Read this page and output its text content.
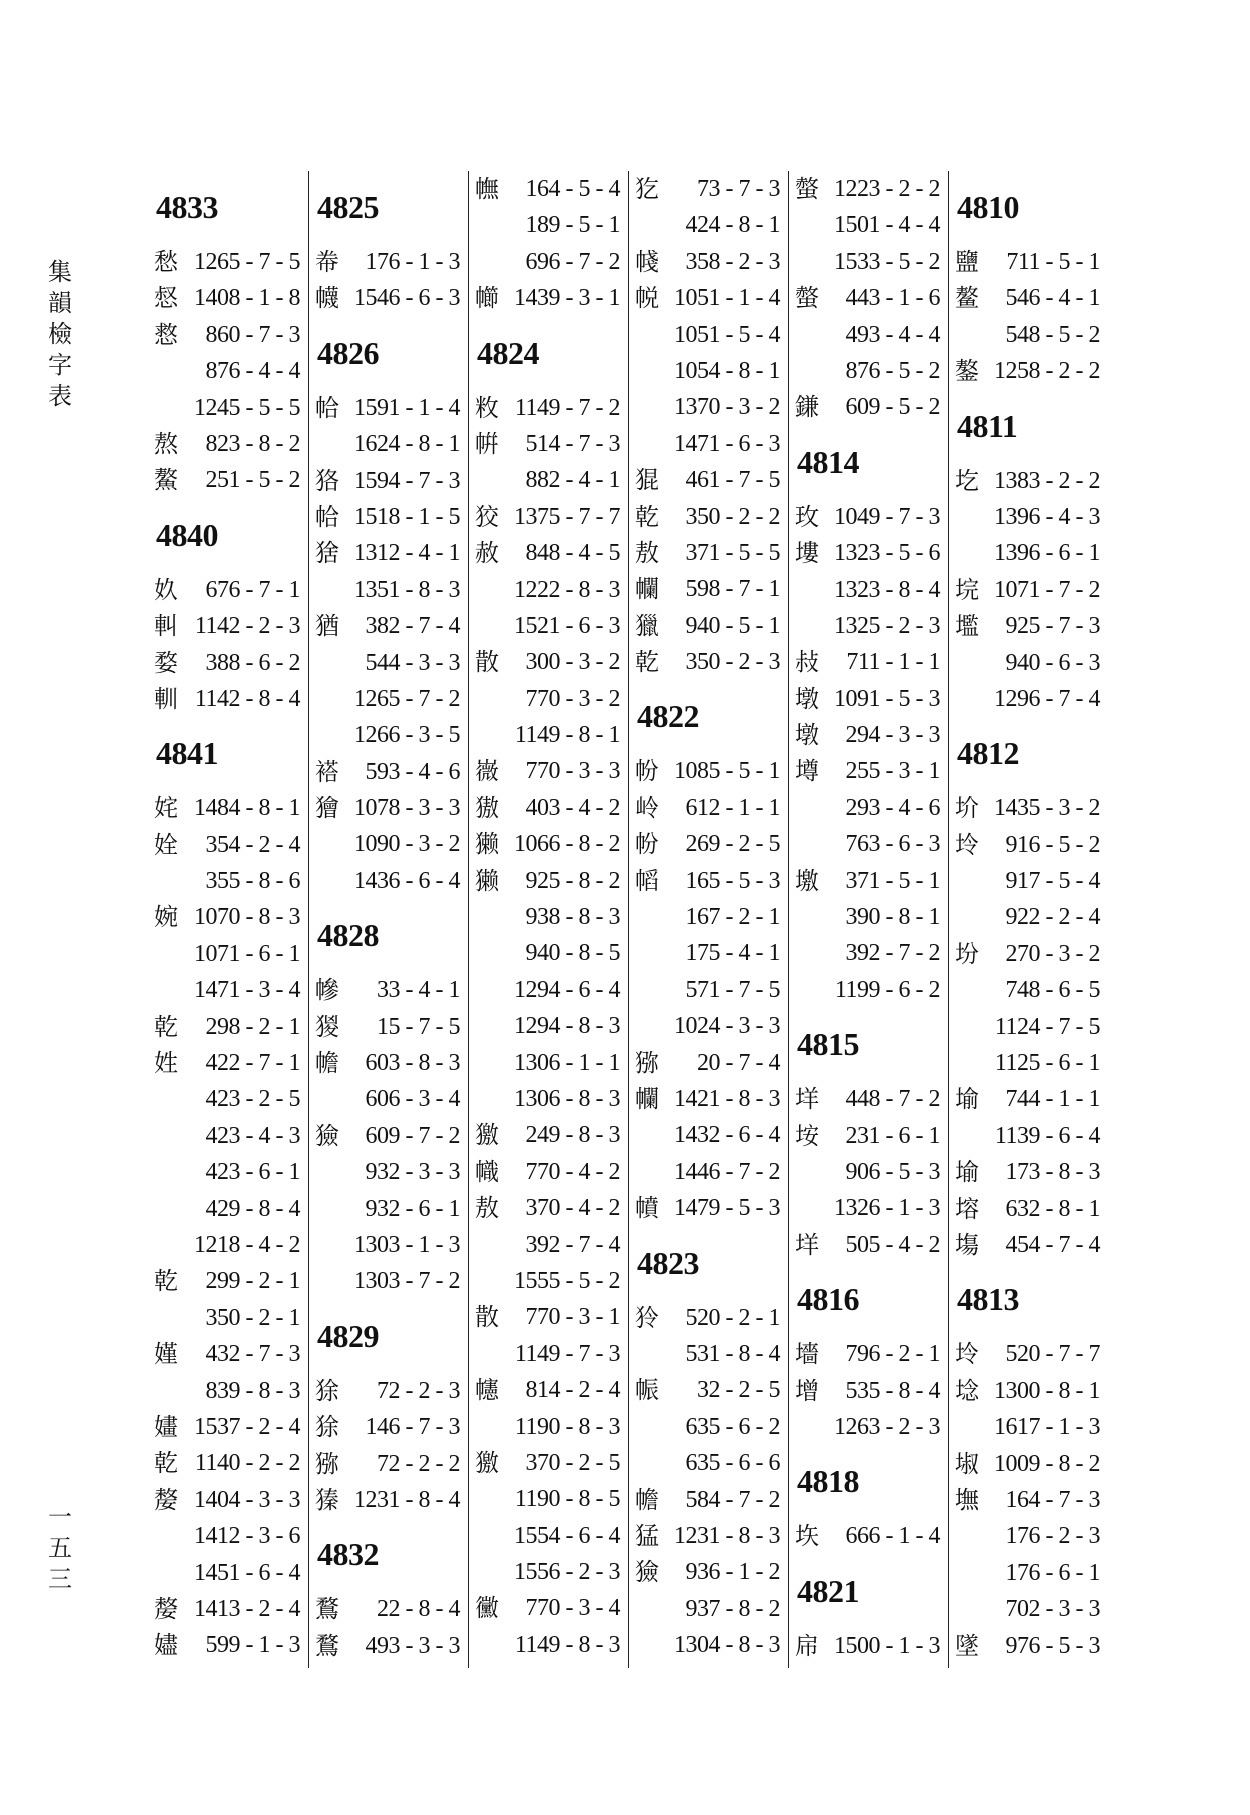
集韻檢字表
一五三
4833
愁 1265 - 7 - 5
惄 1408 - 1 - 8
慦	860 - 7 - 3
876 - 4 - 4
1245 - 5 - 5
熬	823 - 8 - 2
鰲	251 - 5 - 2
4840
奺	676 - 7 - 1
䡂 1142 - 2 - 3
婺	388 - 6 - 2
䡅 1142 - 8 - 4
4841
姹 1484 - 8 - 1
姾	354 - 2 - 4
355 - 8 - 6
婉 1070 - 8 - 3
1071 - 6 - 1
1471 - 3 - 4
乾	298 - 2 - 1
姓	422 - 7 - 1
423 - 2 - 5
423 - 4 - 3
423 - 6 - 1
429 - 8 - 4
1218 - 4 - 2
乾	299 - 2 - 1
350 - 2 - 1
嫤	432 - 7 - 3
839 - 8 - 3
嫿 1537 - 2 - 4
乾 1140 - 2 - 2
嫠 1404 - 3 - 3
1412 - 3 - 6
1451 - 6 - 4
嫠 1413 - 2 - 4
嬧	599 - 1 - 3
4825
帣	176 - 1 - 3
幭 1546 - 6 - 3
4826
帢 1591 - 1 - 4
1624 - 8 - 1
狢 1594 - 7 - 3
帢 1518 - 1 - 5
猞 1312 - 4 - 1
1351 - 8 - 3
猶	382 - 7 - 4
544 - 3 - 3
1265 - 7 - 2
1266 - 3 - 5
褡	593 - 4 - 6
獪 1078 - 3 - 3
1090 - 3 - 2
1436 - 6 - 4
4828
幓	33 - 4 - 1
猣	15 - 7 - 5
幨	603 - 8 - 3
606 - 3 - 4
獫	609 - 7 - 2
932 - 3 - 3
932 - 6 - 1
1303 - 1 - 3
1303 - 7 - 2
4829
狳	72 - 2 - 3
狳	146 - 7 - 3
猕	72 - 2 - 2
獉 1231 - 8 - 4
4832
鶩	22 - 8 - 4
鶩	493 - 3 - 3
幠	164 - 5 - 4
189 - 5 - 1
696 - 7 - 2
幯 1439 - 3 - 1
4824
敉 1149 - 7 - 2
帲	514 - 7 - 3
882 - 4 - 1
狡 1375 - 7 - 7
赦	848 - 4 - 5
1222 - 8 - 3
1521 - 6 - 3
散	300 - 3 - 2
770 - 3 - 2
1149 - 8 - 1
嶶	770 - 3 - 3
獓	403 - 4 - 2
獭 1066 - 8 - 2
獭	925 - 8 - 2
938 - 8 - 3
940 - 8 - 5
1294 - 6 - 4
1294 - 8 - 3
1306 - 1 - 1
1306 - 8 - 3
獥	249 - 8 - 3
幟	770 - 4 - 2
敖	370 - 4 - 2
392 - 7 - 4
1555 - 5 - 2
散	770 - 3 - 1
1149 - 7 - 3
幰	814 - 2 - 4
1190 - 8 - 3
獥	370 - 2 - 5
1190 - 8 - 5
1554 - 6 - 4
1556 - 2 - 3
黴	770 - 3 - 4
1149 - 8 - 3
犵	73 - 7 - 3
424 - 8 - 1
帴	358 - 2 - 3
帨 1051 - 1 - 4
1051 - 5 - 4
1054 - 8 - 1
1370 - 3 - 2
1471 - 6 - 3
猑	461 - 7 - 5
乾	350 - 2 - 2
敖	371 - 5 - 5
幱	598 - 7 - 1
獵	940 - 5 - 1
乾	350 - 2 - 3
4822
帉 1085 - 5 - 1
岭	612 - 1 - 1
帉	269 - 2 - 5
幍	165 - 5 - 3
167 - 2 - 1
175 - 4 - 1
571 - 7 - 5
1024 - 3 - 3
猕	20 - 7 - 4
幱 1421 - 8 - 3
1432 - 6 - 4
1446 - 7 - 2
幩 1479 - 5 - 3
4823
狑	520 - 2 - 1
531 - 8 - 4
帪	32 - 2 - 5
635 - 6 - 2
635 - 6 - 6
幨	584 - 7 - 2
猛 1231 - 8 - 3
獫	936 - 1 - 2
937 - 8 - 2
1304 - 8 - 3
螫 1223 - 2 - 2
1501 - 4 - 4
1533 - 5 - 2
螫	443 - 1 - 6
493 - 4 - 4
876 - 5 - 2
鎌	609 - 5 - 2
4814
玫 1049 - 7 - 3
塿 1323 - 5 - 6
1323 - 8 - 4
1325 - 2 - 3
敊	711 - 1 - 1
墩 1091 - 5 - 3
墩	294 - 3 - 3
墫	255 - 3 - 1
293 - 4 - 6
763 - 6 - 3
墽	371 - 5 - 1
390 - 8 - 1
392 - 7 - 2
1199 - 6 - 2
4815
垟	448 - 7 - 2
垵	231 - 6 - 1
906 - 5 - 3
1326 - 1 - 3
垟	505 - 4 - 2
4816
墻	796 - 2 - 1
增	535 - 8 - 4
1263 - 2 - 3
4818
垁	666 - 1 - 4
4821
帍 1500 - 1 - 3
4810
鹽	711 - 5 - 1
鳌	546 - 4 - 1
548 - 5 - 2
鏊 1258 - 2 - 2
4811
圪 1383 - 2 - 2
1396 - 4 - 3
1396 - 6 - 1
垸 1071 - 7 - 2
壏	925 - 7 - 3
940 - 6 - 3
1296 - 7 - 4
4812
圿 1435 - 3 - 2
坽	916 - 5 - 2
917 - 5 - 4
922 - 2 - 4
坋	270 - 3 - 2
748 - 6 - 5
1124 - 7 - 5
1125 - 6 - 1
堬	744 - 1 - 1
1139 - 6 - 4
堬	173 - 8 - 3
塎	632 - 8 - 1
塲	454 - 7 - 4
4813
坽	520 - 7 - 7
埝 1300 - 8 - 1
1617 - 1 - 3
埱 1009 - 8 - 2
墲	164 - 7 - 3
176 - 2 - 3
176 - 6 - 1
702 - 3 - 3
墜	976 - 5 - 3
